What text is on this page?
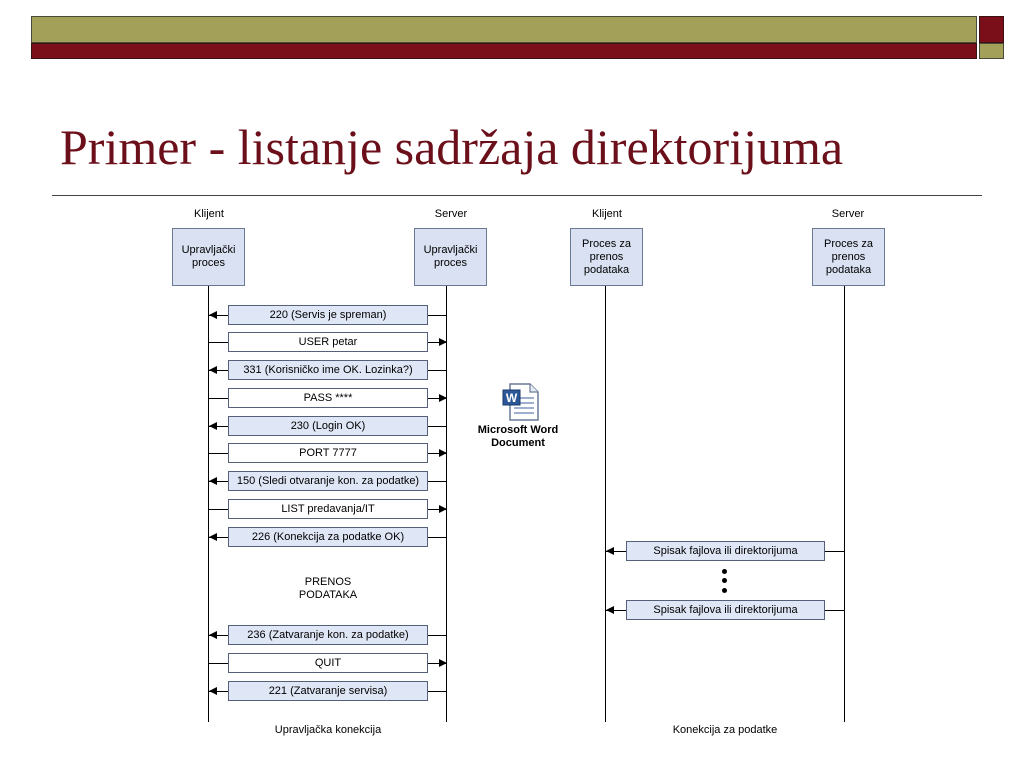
Primer - listanje sadržaja direktorijuma
Klijent	Server
Upravljački
proces
Upravljački
proces
220 (Servis je spreman)
USER petar
331 (Korisničko ime OK. Lozinka?)
PASS ****
230 (Login OK)
PORT 7777
150 (Sledi otvaranje kon. za podatke)
LIST predavanja/IT
226 (Konekcija za podatke OK)
236 (Zatvaranje kon. za podatke)
QUIT
221 (Zatvaranje servisa)
PRENOS
PODATAKA
Upravljačka konekcija
W
Microsoft Word
Document
Klijent	Server
Proces za
prenos
podataka
Proces za
prenos
podataka
Spisak fajlova ili direktorijuma
Spisak fajlova ili direktorijuma
Konekcija za podatke
